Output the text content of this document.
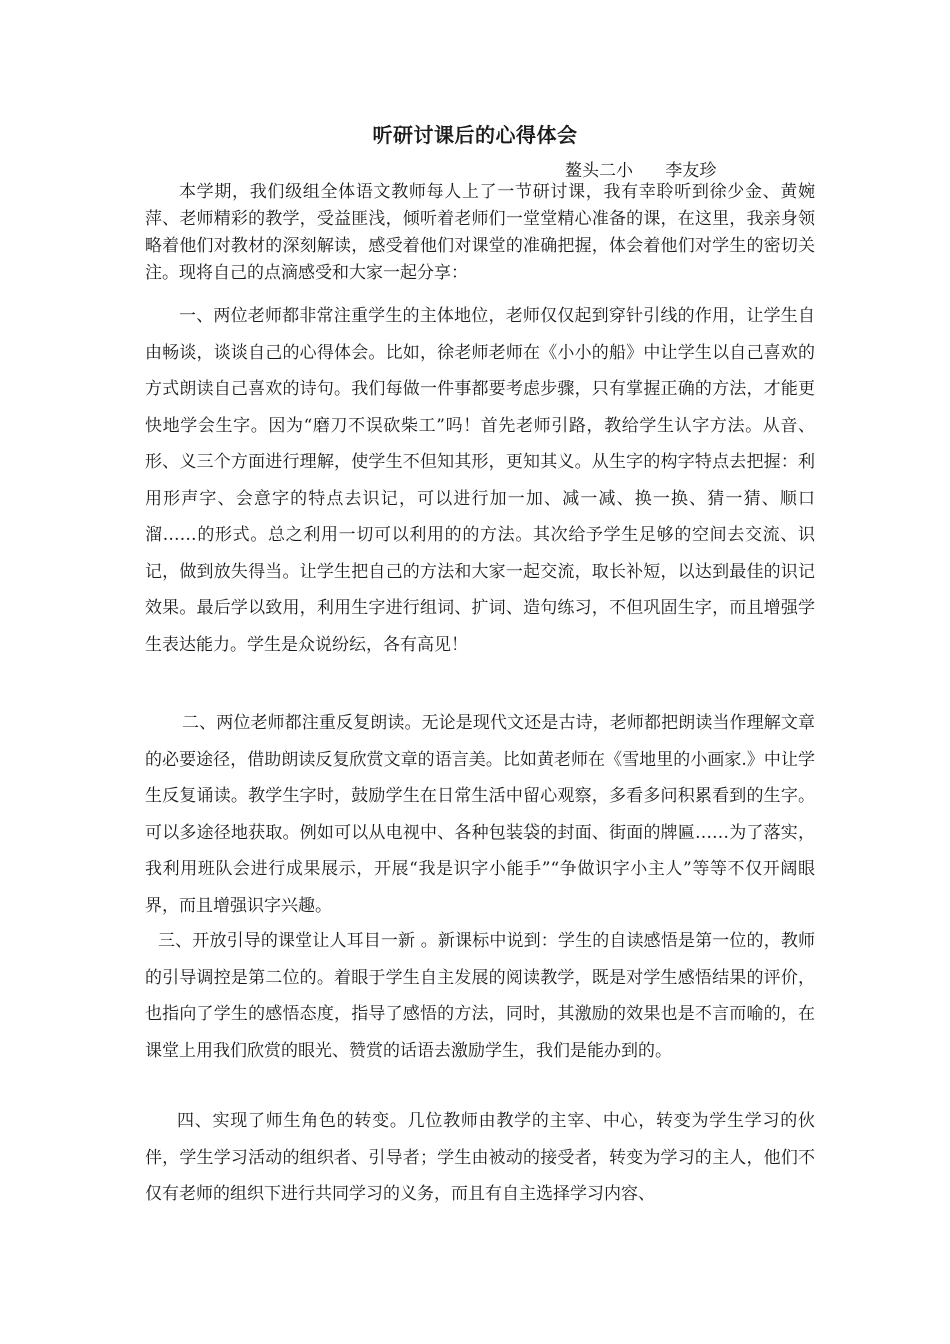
听研讨课后的心得体会
鳌头二小      李友珍

本学期，我们级组全体语文教师每人上了一节研讨课，我有幸聆听到徐少金、黄婉萍、老师精彩的教学，受益匪浅，倾听着老师们一堂堂精心准备的课，在这里，我亲身领略着他们对教材的深刻解读，感受着他们对课堂的准确把握，体会着他们对学生的密切关注。现将自己的点滴感受和大家一起分享：

一、两位老师都非常注重学生的主体地位，老师仅仅起到穿针引线的作用，让学生自由畅谈，谈谈自己的心得体会。比如，徐老师老师在《小小的船》中让学生以自己喜欢的方式朗读自己喜欢的诗句。我们每做一件事都要考虑步骤，只有掌握正确的方法，才能更快地学会生字。因为“磨刀不误砍柴工”吗！首先老师引路，教给学生认字方法。从音、形、义三个方面进行理解，使学生不但知其形，更知其义。从生字的构字特点去把握：利用形声字、会意字的特点去识记，可以进行加一加、减一减、换一换、猜一猜、顺口溜……的形式。总之利用一切可以利用的的方法。其次给予学生足够的空间去交流、识记，做到放失得当。让学生把自己的方法和大家一起交流，取长补短，以达到最佳的识记效果。最后学以致用，利用生字进行组词、扩词、造句练习，不但巩固生字，而且增强学生表达能力。学生是众说纷纭，各有高见！

二、两位老师都注重反复朗读。无论是现代文还是古诗，老师都把朗读当作理解文章的必要途径，借助朗读反复欣赏文章的语言美。比如黄老师在《雪地里的小画家.》中让学生反复诵读。教学生字时，鼓励学生在日常生活中留心观察，多看多问积累看到的生字。可以多途径地获取。例如可以从电视中、各种包装袋的封面、街面的牌匾……为了落实，我利用班队会进行成果展示，开展“我是识字小能手”“争做识字小主人”等等不仅开阔眼界，而且增强识字兴趣。

三、开放引导的课堂让人耳目一新 。新课标中说到：学生的自读感悟是第一位的，教师的引导调控是第二位的。着眼于学生自主发展的阅读教学，既是对学生感悟结果的评价，也指向了学生的感悟态度，指导了感悟的方法，同时，其激励的效果也是不言而喻的，在课堂上用我们欣赏的眼光、赞赏的话语去激励学生，我们是能办到的。

四、实现了师生角色的转变。几位教师由教学的主宰、中心，转变为学生学习的伙伴，学生学习活动的组织者、引导者；学生由被动的接受者，转变为学习的主人，他们不仅有老师的组织下进行共同学习的义务，而且有自主选择学习内容、
